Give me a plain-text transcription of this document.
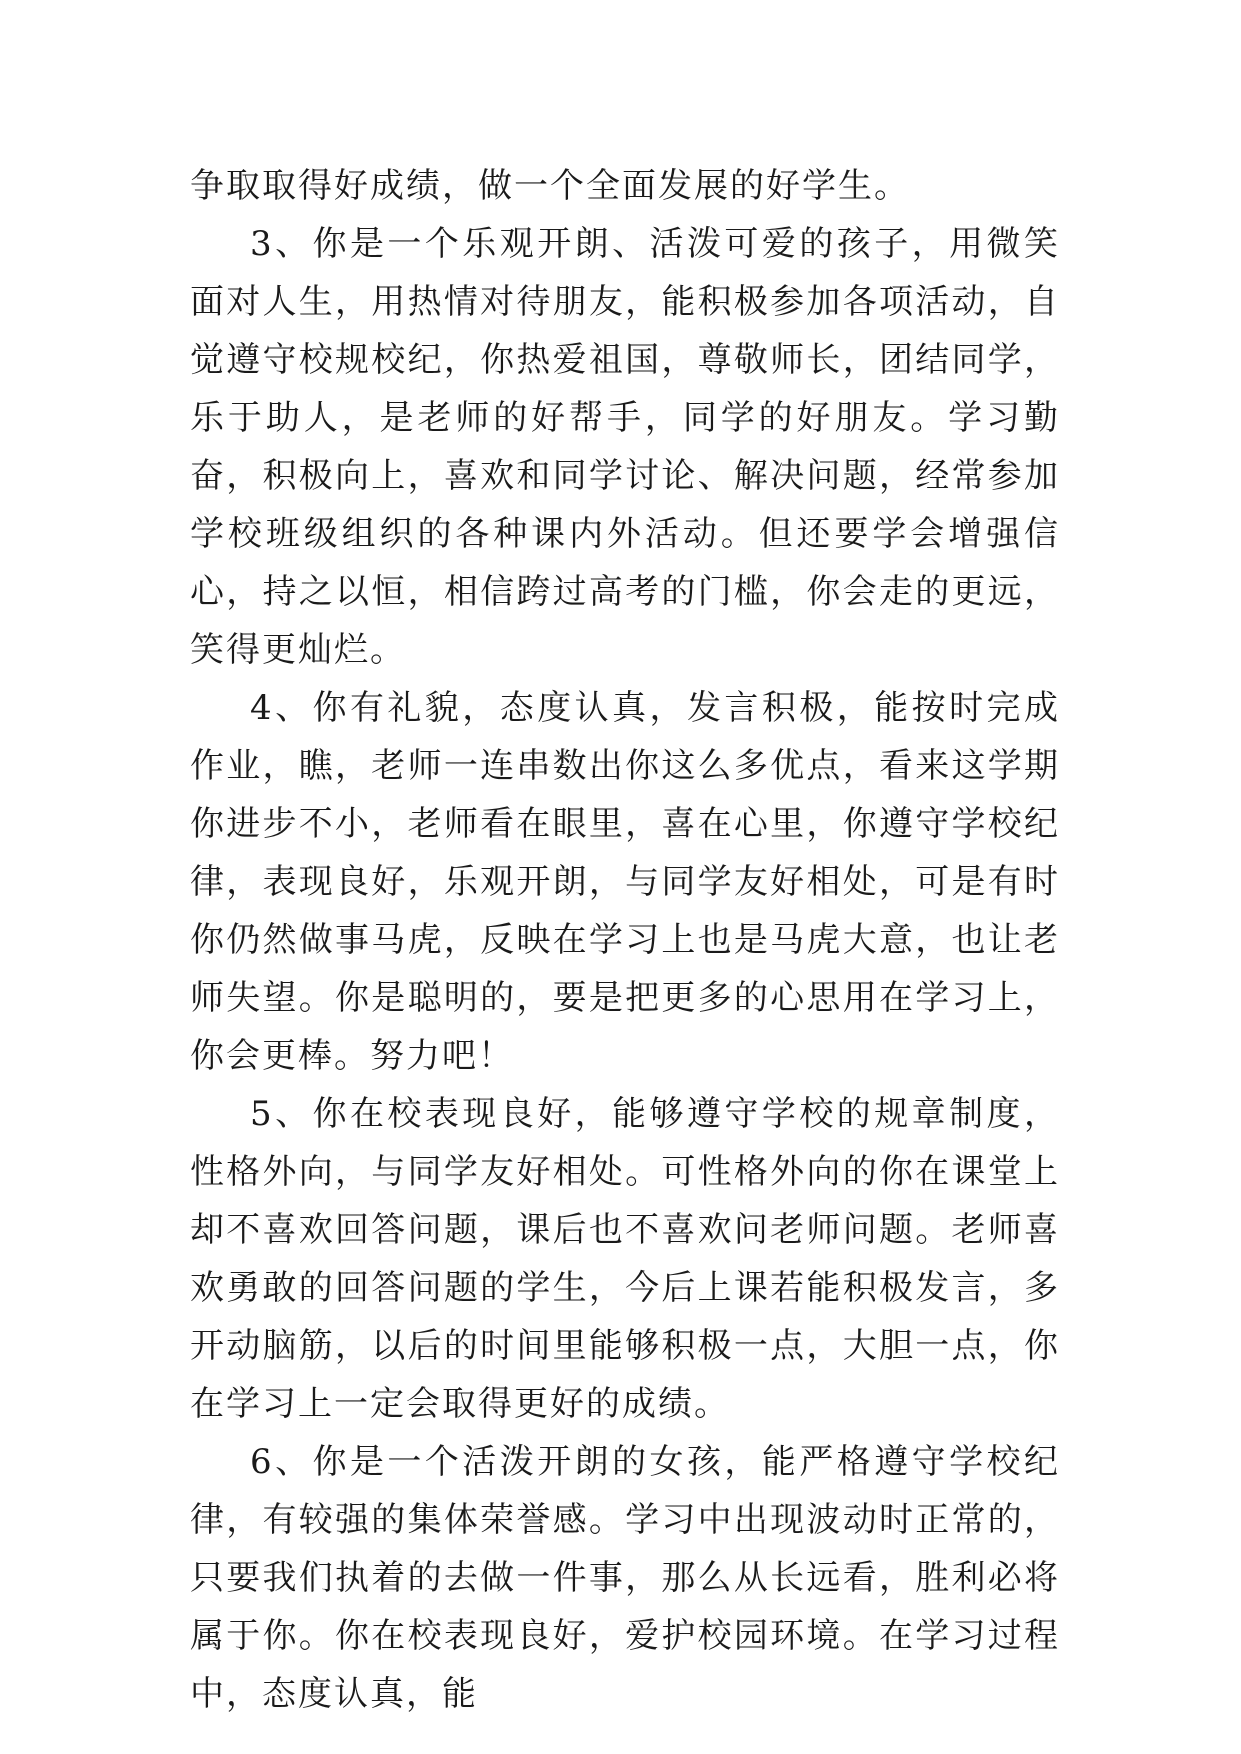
争取取得好成绩，做一个全面发展的好学生。

3、你是一个乐观开朗、活泼可爱的孩子，用微笑面对人生，用热情对待朋友，能积极参加各项活动，自觉遵守校规校纪，你热爱祖国，尊敬师长，团结同学，乐于助人，是老师的好帮手，同学的好朋友。学习勤奋，积极向上，喜欢和同学讨论、解决问题，经常参加学校班级组织的各种课内外活动。但还要学会增强信心，持之以恒，相信跨过高考的门槛，你会走的更远，笑得更灿烂。

4、你有礼貌，态度认真，发言积极，能按时完成作业，瞧，老师一连串数出你这么多优点，看来这学期你进步不小，老师看在眼里，喜在心里，你遵守学校纪律，表现良好，乐观开朗，与同学友好相处，可是有时你仍然做事马虎，反映在学习上也是马虎大意，也让老师失望。你是聪明的，要是把更多的心思用在学习上，你会更棒。努力吧！

5、你在校表现良好，能够遵守学校的规章制度，性格外向，与同学友好相处。可性格外向的你在课堂上却不喜欢回答问题，课后也不喜欢问老师问题。老师喜欢勇敢的回答问题的学生，今后上课若能积极发言，多开动脑筋，以后的时间里能够积极一点，大胆一点，你在学习上一定会取得更好的成绩。

6、你是一个活泼开朗的女孩，能严格遵守学校纪律，有较强的集体荣誉感。学习中出现波动时正常的，只要我们执着的去做一件事，那么从长远看，胜利必将属于你。你在校表现良好，爱护校园环境。在学习过程中，态度认真，能
